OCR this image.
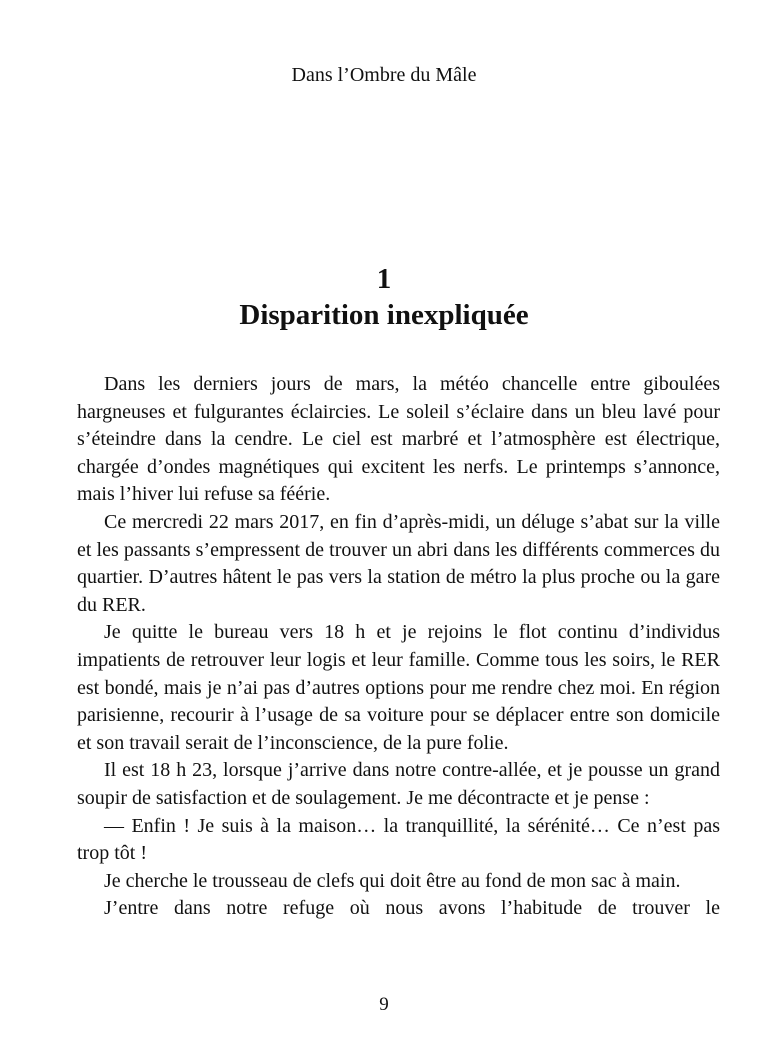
Dans l’Ombre du Mâle
1
Disparition inexpliquée

Dans les derniers jours de mars, la météo chancelle entre giboulées hargneuses et fulgurantes éclaircies. Le soleil s’éclaire dans un bleu lavé pour s’éteindre dans la cendre. Le ciel est marbré et l’atmosphère est électrique, chargée d’ondes magnétiques qui excitent les nerfs. Le printemps s’annonce, mais l’hiver lui refuse sa féérie.

Ce mercredi 22 mars 2017, en fin d’après-midi, un déluge s’abat sur la ville et les passants s’empressent de trouver un abri dans les différents commerces du quartier. D’autres hâtent le pas vers la station de métro la plus proche ou la gare du RER.

Je quitte le bureau vers 18 h et je rejoins le flot continu d’individus impatients de retrouver leur logis et leur famille. Comme tous les soirs, le RER est bondé, mais je n’ai pas d’autres options pour me rendre chez moi. En région parisienne, recourir à l’usage de sa voiture pour se déplacer entre son domicile et son travail serait de l’inconscience, de la pure folie.

Il est 18 h 23, lorsque j’arrive dans notre contre-allée, et je pousse un grand soupir de satisfaction et de soulagement. Je me décontracte et je pense :

— Enfin ! Je suis à la maison… la tranquillité, la sérénité… Ce n’est pas trop tôt !

Je cherche le trousseau de clefs qui doit être au fond de mon sac à main.

J’entre dans notre refuge où nous avons l’habitude de trouver le

9
